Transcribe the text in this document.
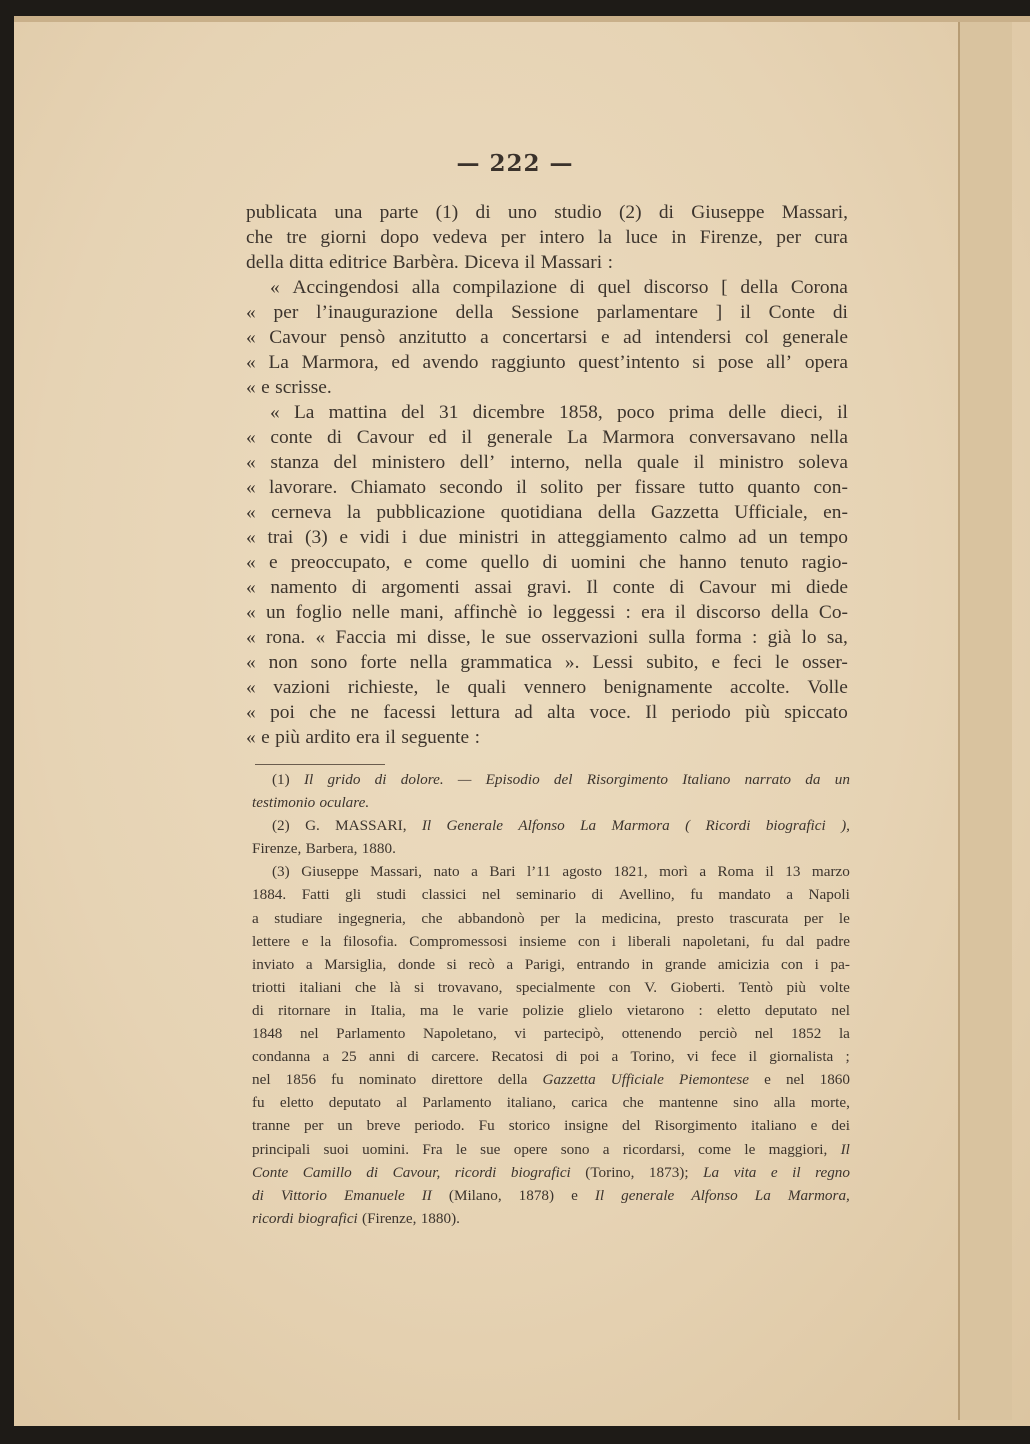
— 222 —
publicata una parte (1) di uno studio (2) di Giuseppe Massari,
che tre giorni dopo vedeva per intero la luce in Firenze, per cura
della ditta editrice Barbèra. Diceva il Massari :
« Accingendosi alla compilazione di quel discorso [ della Corona
« per l’inaugurazione della Sessione parlamentare ] il Conte di
« Cavour pensò anzitutto a concertarsi e ad intendersi col generale
« La Marmora, ed avendo raggiunto quest’intento si pose all’ opera
« e scrisse.
« La mattina del 31 dicembre 1858, poco prima delle dieci, il
« conte di Cavour ed il generale La Marmora conversavano nella
« stanza del ministero dell’ interno, nella quale il ministro soleva
« lavorare. Chiamato secondo il solito per fissare tutto quanto con-
« cerneva la pubblicazione quotidiana della Gazzetta Ufficiale, en-
« trai (3) e vidi i due ministri in atteggiamento calmo ad un tempo
« e preoccupato, e come quello di uomini che hanno tenuto ragio-
« namento di argomenti assai gravi. Il conte di Cavour mi diede
« un foglio nelle mani, affinchè io leggessi : era il discorso della Co-
« rona. « Faccia mi disse, le sue osservazioni sulla forma : già lo sa,
« non sono forte nella grammatica ». Lessi subito, e feci le osser-
« vazioni richieste, le quali vennero benignamente accolte. Volle
« poi che ne facessi lettura ad alta voce. Il periodo più spiccato
« e più ardito era il seguente :
(1) Il grido di dolore. — Episodio del Risorgimento Italiano narrato da un
testimonio oculare.
(2) G. MASSARI, Il Generale Alfonso La Marmora ( Ricordi biografici ),
Firenze, Barbera, 1880.
(3) Giuseppe Massari, nato a Bari l’11 agosto 1821, morì a Roma il 13 marzo
1884. Fatti gli studi classici nel seminario di Avellino, fu mandato a Napoli
a studiare ingegneria, che abbandonò per la medicina, presto trascurata per le
lettere e la filosofia. Compromessosi insieme con i liberali napoletani, fu dal padre
inviato a Marsiglia, donde si recò a Parigi, entrando in grande amicizia con i pa-
triotti italiani che là si trovavano, specialmente con V. Gioberti. Tentò più volte
di ritornare in Italia, ma le varie polizie glielo vietarono : eletto deputato nel
1848 nel Parlamento Napoletano, vi partecipò, ottenendo perciò nel 1852 la
condanna a 25 anni di carcere. Recatosi di poi a Torino, vi fece il giornalista ;
nel 1856 fu nominato direttore della Gazzetta Ufficiale Piemontese e nel 1860
fu eletto deputato al Parlamento italiano, carica che mantenne sino alla morte,
tranne per un breve periodo. Fu storico insigne del Risorgimento italiano e dei
principali suoi uomini. Fra le sue opere sono a ricordarsi, come le maggiori, Il
Conte Camillo di Cavour, ricordi biografici (Torino, 1873); La vita e il regno
di Vittorio Emanuele II (Milano, 1878) e Il generale Alfonso La Marmora,
ricordi biografici (Firenze, 1880).
